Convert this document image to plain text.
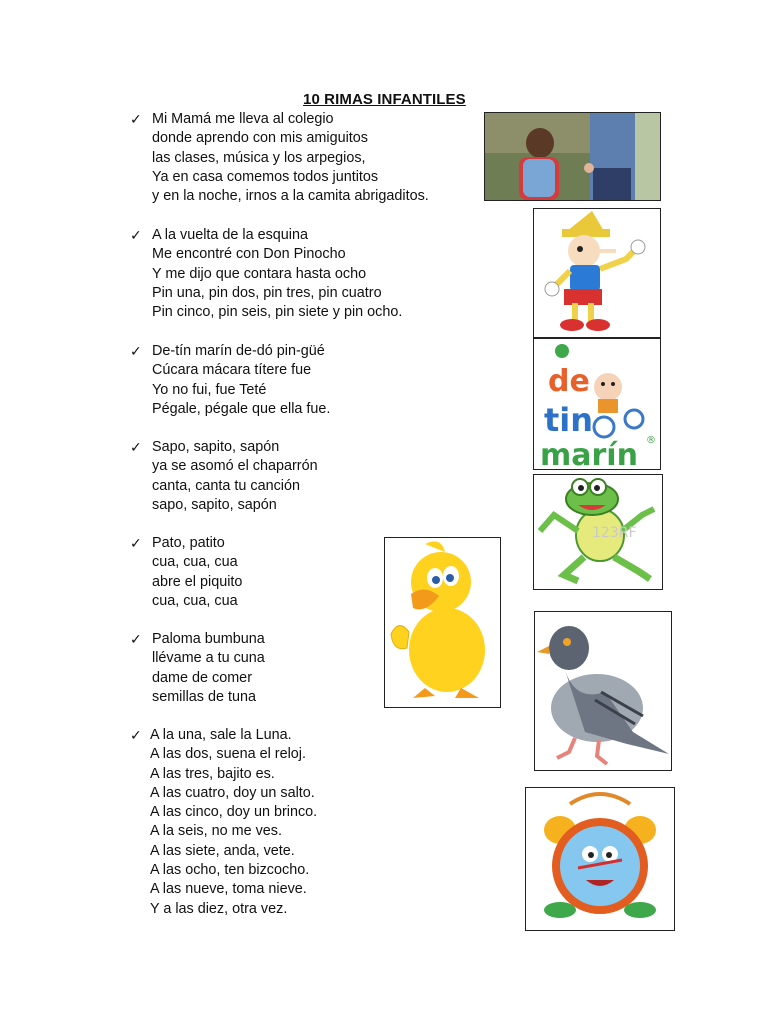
10 RIMAS INFANTILES
✓ Mi Mamá me lleva al colegio
donde aprendo con mis amiguitos
las clases, música y los arpegios,
Ya en casa comemos todos juntitos
y en la noche, irnos a la camita abrigaditos.
✓ A la vuelta de la esquina
Me encontré con Don Pinocho
Y me dijo que contara hasta ocho
Pin una, pin dos, pin tres, pin cuatro
Pin cinco, pin seis, pin siete y pin ocho.
✓ De-tín marín de-dó pin-güé
Cúcara mácara títere fue
Yo no fui, fue Teté
Pégale, pégale que ella fue.
✓ Sapo, sapito, sapón
ya se asomó el chaparrón
canta, canta tu canción
sapo, sapito, sapón
✓ Pato, patito
cua, cua, cua
abre el piquito
cua, cua, cua
✓ Paloma bumbuna
llévame a tu cuna
dame de comer
semillas de tuna
✓ A la una, sale la Luna.
A las dos, suena el reloj.
A las tres, bajito es.
A las cuatro, doy un salto.
A las cinco, doy un brinco.
A la seis, no me ves.
A las siete, anda, vete.
A las ocho, ten bizcocho.
A las nueve, toma nieve.
Y a las diez, otra vez.
de
tin
marín ®
123RF
